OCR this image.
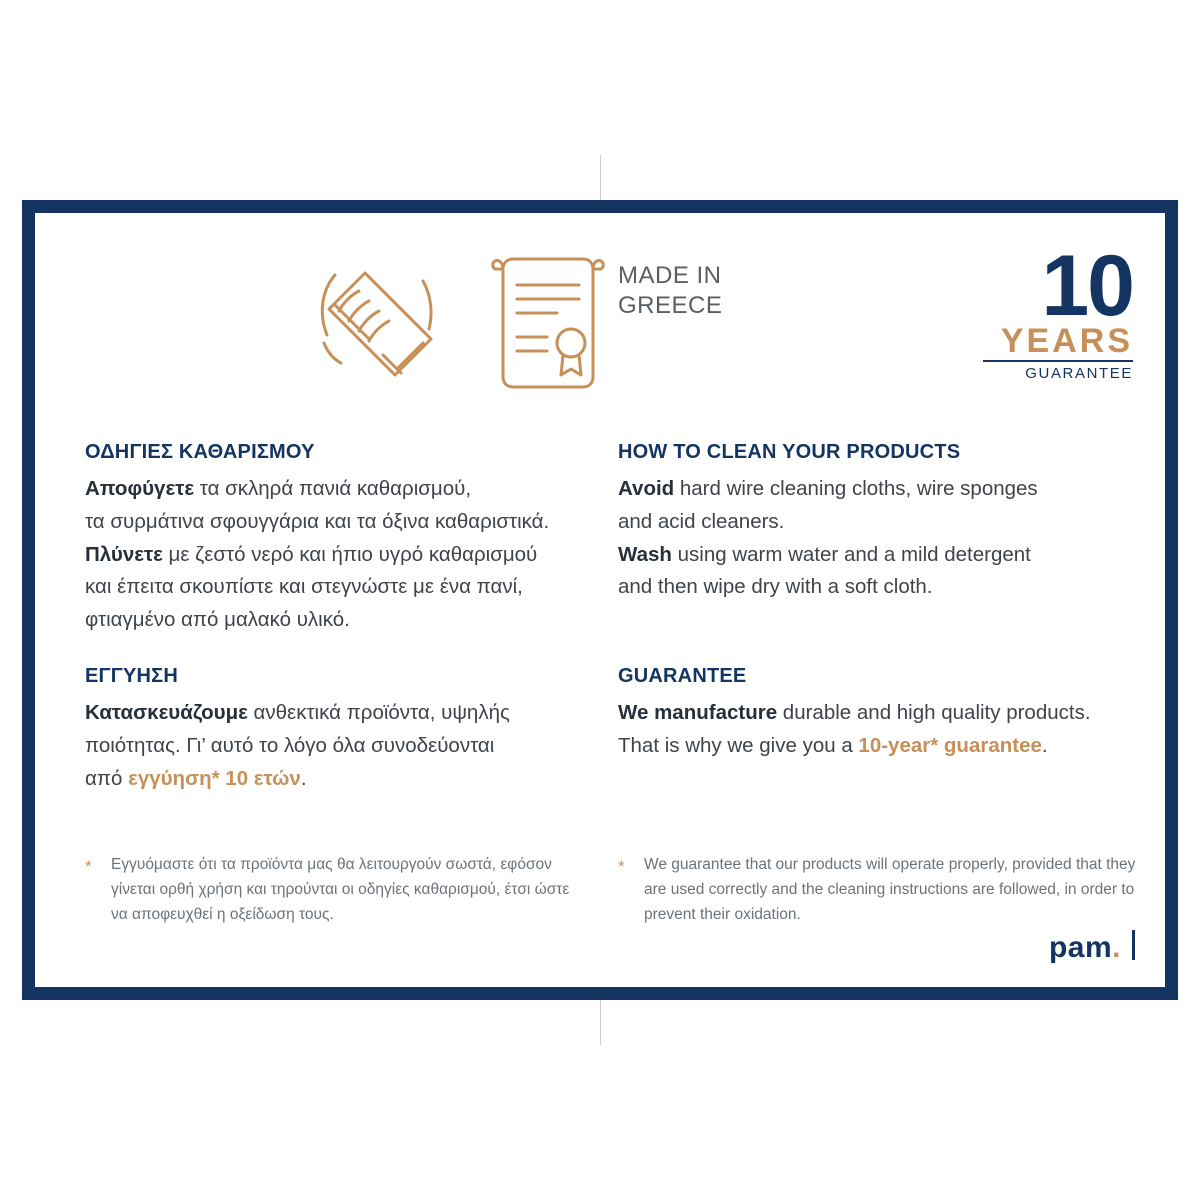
ΟΔΗΓΙΕΣ ΚΑΘΑΡΙΣΜΟΥ
Αποφύγετε τα σκληρά πανιά καθαρισμού,
τα συρμάτινα σφουγγάρια και τα όξινα καθαριστικά.
Πλύνετε με ζεστό νερό και ήπιο υγρό καθαρισμού
και έπειτα σκουπίστε και στεγνώστε με ένα πανί,
φτιαγμένο από μαλακό υλικό.
ΕΓΓΥΗΣΗ
Κατασκευάζουμε ανθεκτικά προϊόντα, υψηλής
ποιότητας. Γι’ αυτό το λόγο όλα συνοδεύονται
από εγγύηση* 10 ετών.
* Εγγυόμαστε ότι τα προϊόντα μας θα λειτουργούν σωστά, εφόσον γίνεται ορθή χρήση και τηρούνται οι οδηγίες καθαρισμού, έτσι ώστε να αποφευχθεί η οξείδωση τους.
MADE IN
GREECE	10
YEARS
GUARANTEE
HOW TO CLEAN YOUR PRODUCTS
Avoid hard wire cleaning cloths, wire sponges
and acid cleaners.
Wash using warm water and a mild detergent
and then wipe dry with a soft cloth.
GUARANTEE
We manufacture durable and high quality products.
That is why we give you a 10-year* guarantee.
* We guarantee that our products will operate properly, provided that they are used correctly and the cleaning instructions are followed, in order to prevent their oxidation.
pam .
